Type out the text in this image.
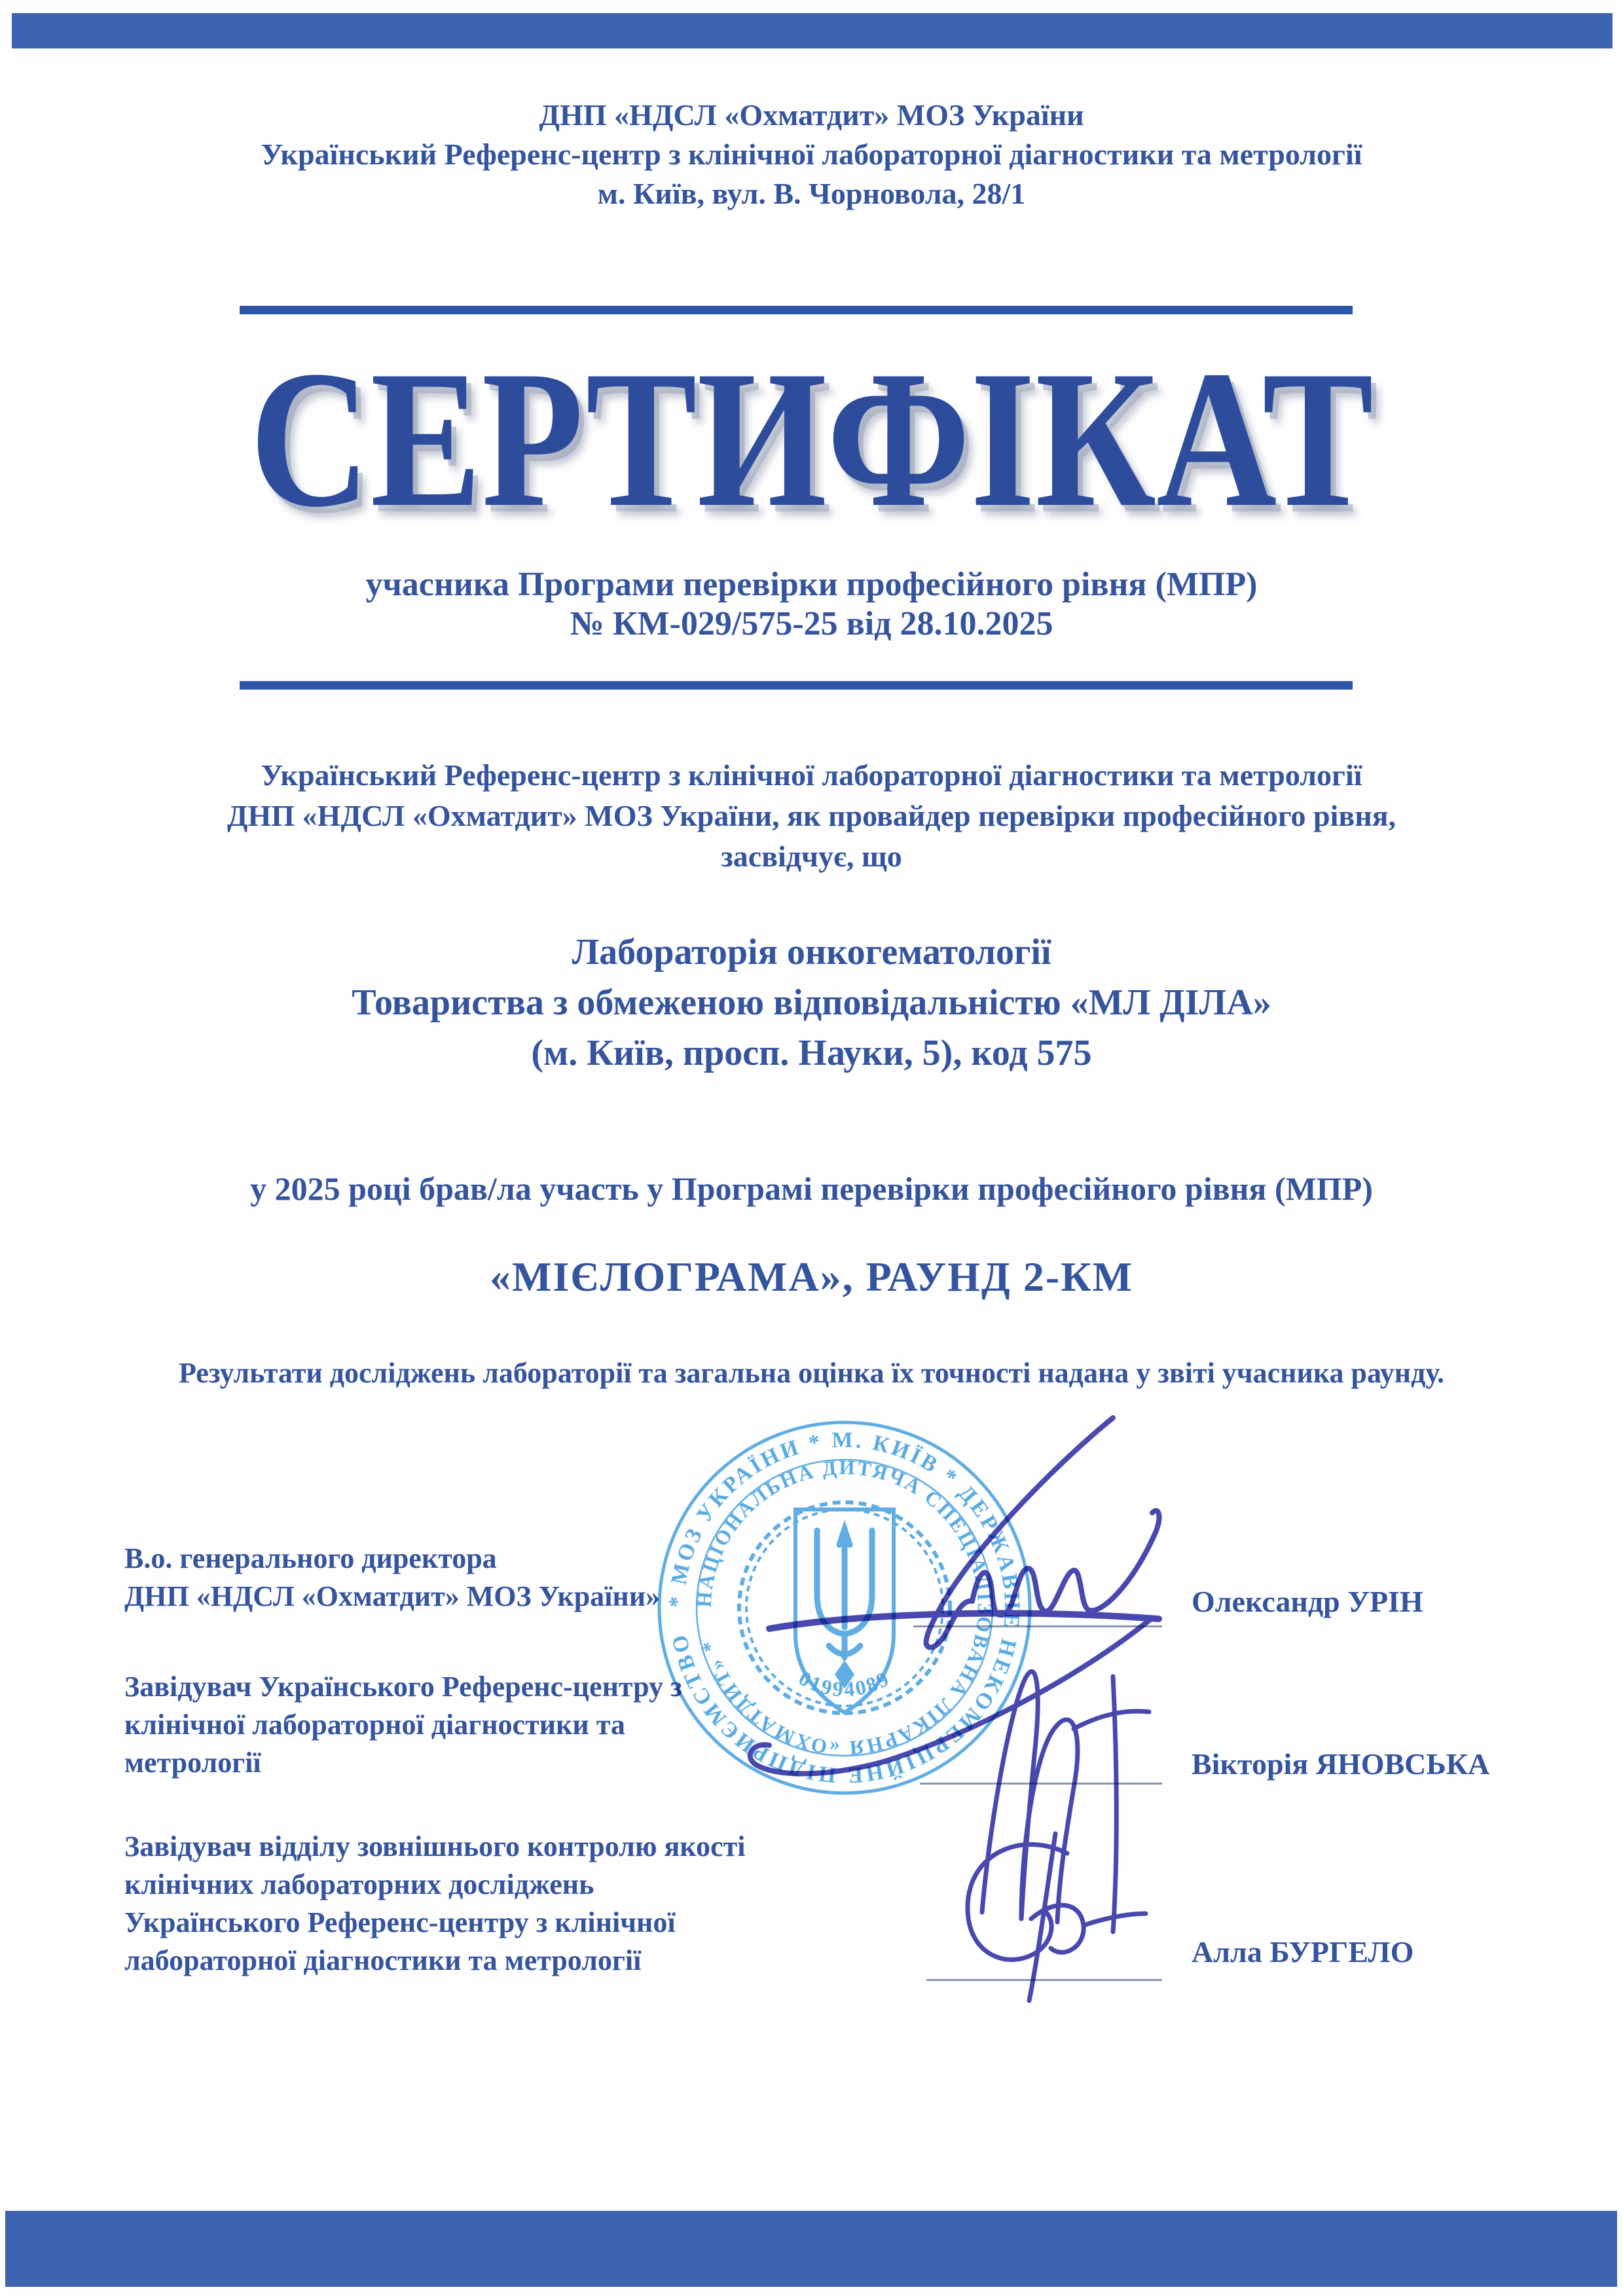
ДНП «НДСЛ «Охматдит» МОЗ України
Український Референс-центр з клінічної лабораторної діагностики та метрології
м. Київ, вул. В. Чорновола, 28/1
СЕРТИФІКАТ
учасника Програми перевірки професійного рівня (МПР)
№ КМ-029/575-25 від 28.10.2025
Український Референс-центр з клінічної лабораторної діагностики та метрології
ДНП «НДСЛ «Охматдит» МОЗ України, як провайдер перевірки професійного рівня,
засвідчує, що
Лабораторія онкогематології
Товариства з обмеженою відповідальністю «МЛ ДІЛА»
(м. Київ, просп. Науки, 5), код 575
у 2025 році брав/ла участь у Програмі перевірки професійного рівня (МПР)
«МІЄЛОГРАМА», РАУНД 2-КМ
Результати досліджень лабораторії та загальна оцінка їх точності надана у звіті учасника раунду.
В.о. генерального директора
ДНП «НДСЛ «Охматдит» МОЗ України»
Завідувач Українського Референс-центру з
клінічної лабораторної діагностики та
метрології
Завідувач відділу зовнішнього контролю якості
клінічних лабораторних досліджень
Українського Референс-центру з клінічної
лабораторної діагностики та метрології
Олександр УРІН
Вікторія ЯНОВСЬКА
Алла БУРГЕЛО
* МОЗ УКРАЇНИ * М. КИЇВ * ДЕРЖАВНЕ НЕКОМЕРЦІЙНЕ ПІДПРИЄМСТВО
НАЦІОНАЛЬНА ДИТЯЧА СПЕЦІАЛІЗОВАНА ЛІКАРНЯ «ОХМАТДИТ» *
01994089
